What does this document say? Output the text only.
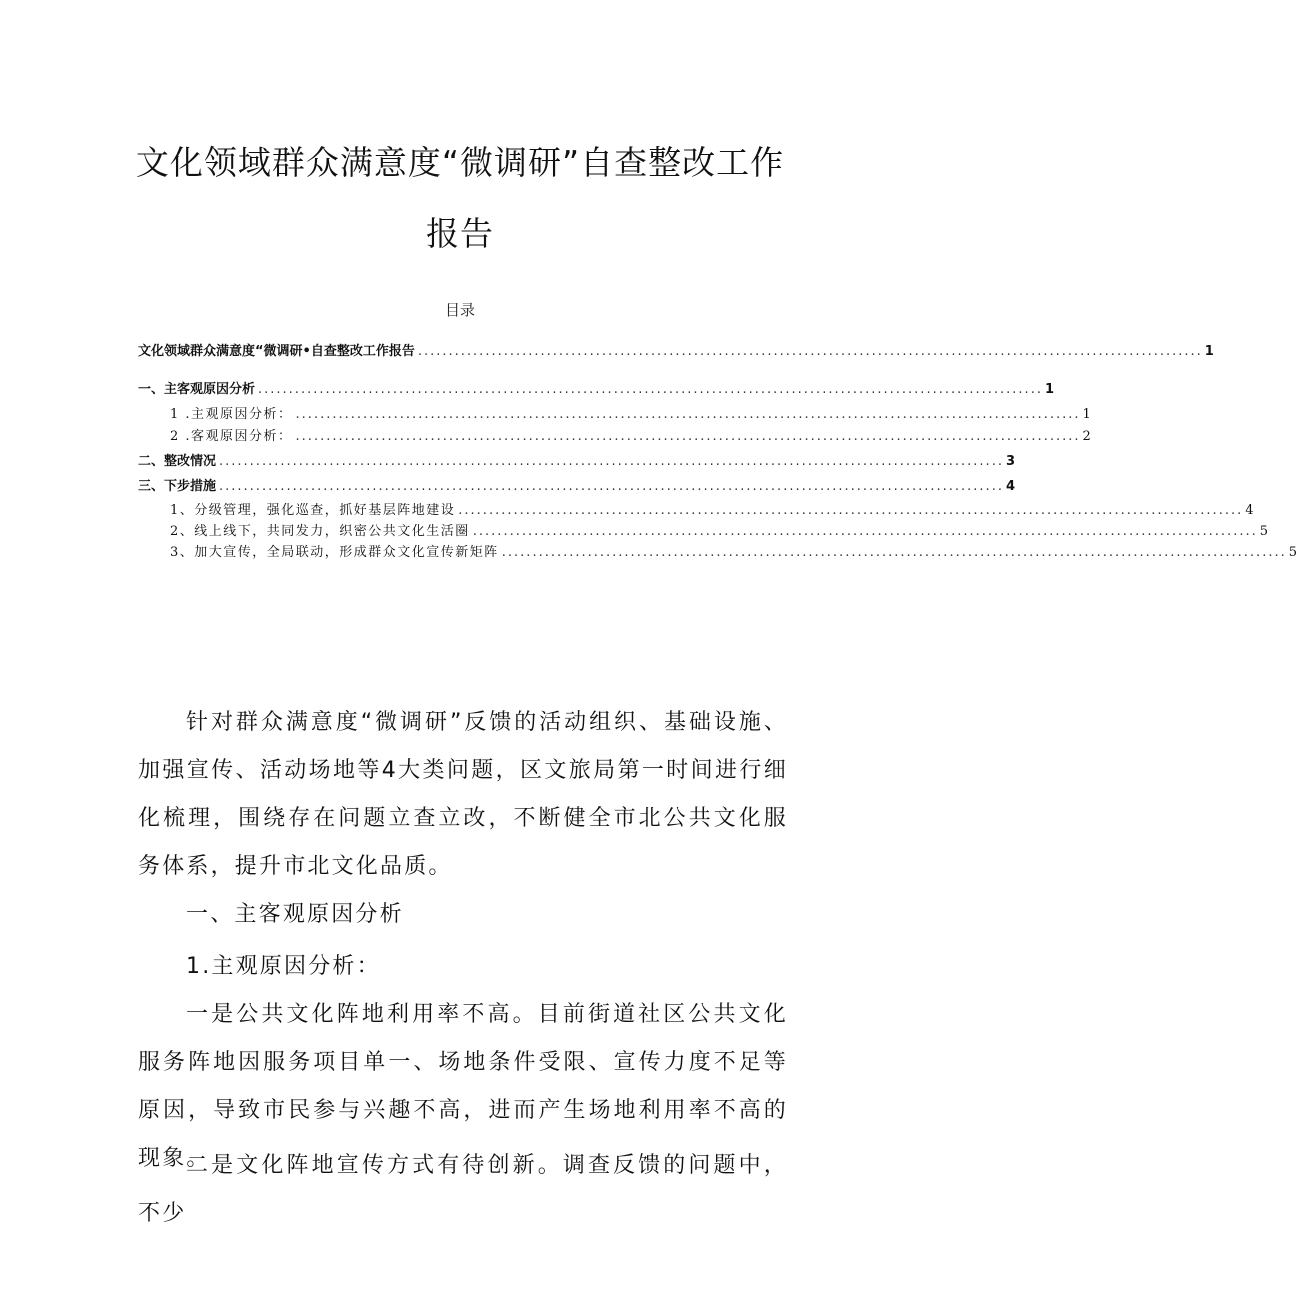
文化领域群众满意度“微调研”自查整改工作
报告
目录
文化领域群众满意度“微调研•自查整改工作报告 ................................................................................................................................ 1
一、主客观原因分析 ................................................................................................................................ 1
1 .主观原因分析： ................................................................................................................................ 1
2 .客观原因分析： ................................................................................................................................ 2
二、整改情况 ................................................................................................................................ 3
三、下步措施 ................................................................................................................................ 4
1、分级管理，强化巡查，抓好基层阵地建设 ................................................................................................................................ 4
2、线上线下，共同发力，织密公共文化生活圈 ................................................................................................................................ 5
3、加大宣传，全局联动，形成群众文化宣传新矩阵 ................................................................................................................................ 5
针对群众满意度“微调研”反馈的活动组织、基础设施、加强宣传、活动场地等4大类问题，区文旅局第一时间进行细化梳理，围绕存在问题立查立改，不断健全市北公共文化服务体系，提升市北文化品质。
一、主客观原因分析
1.主观原因分析：
一是公共文化阵地利用率不高。目前街道社区公共文化服务阵地因服务项目单一、场地条件受限、宣传力度不足等原因，导致市民参与兴趣不高，进而产生场地利用率不高的现象。
二是文化阵地宣传方式有待创新。调查反馈的问题中，不少
